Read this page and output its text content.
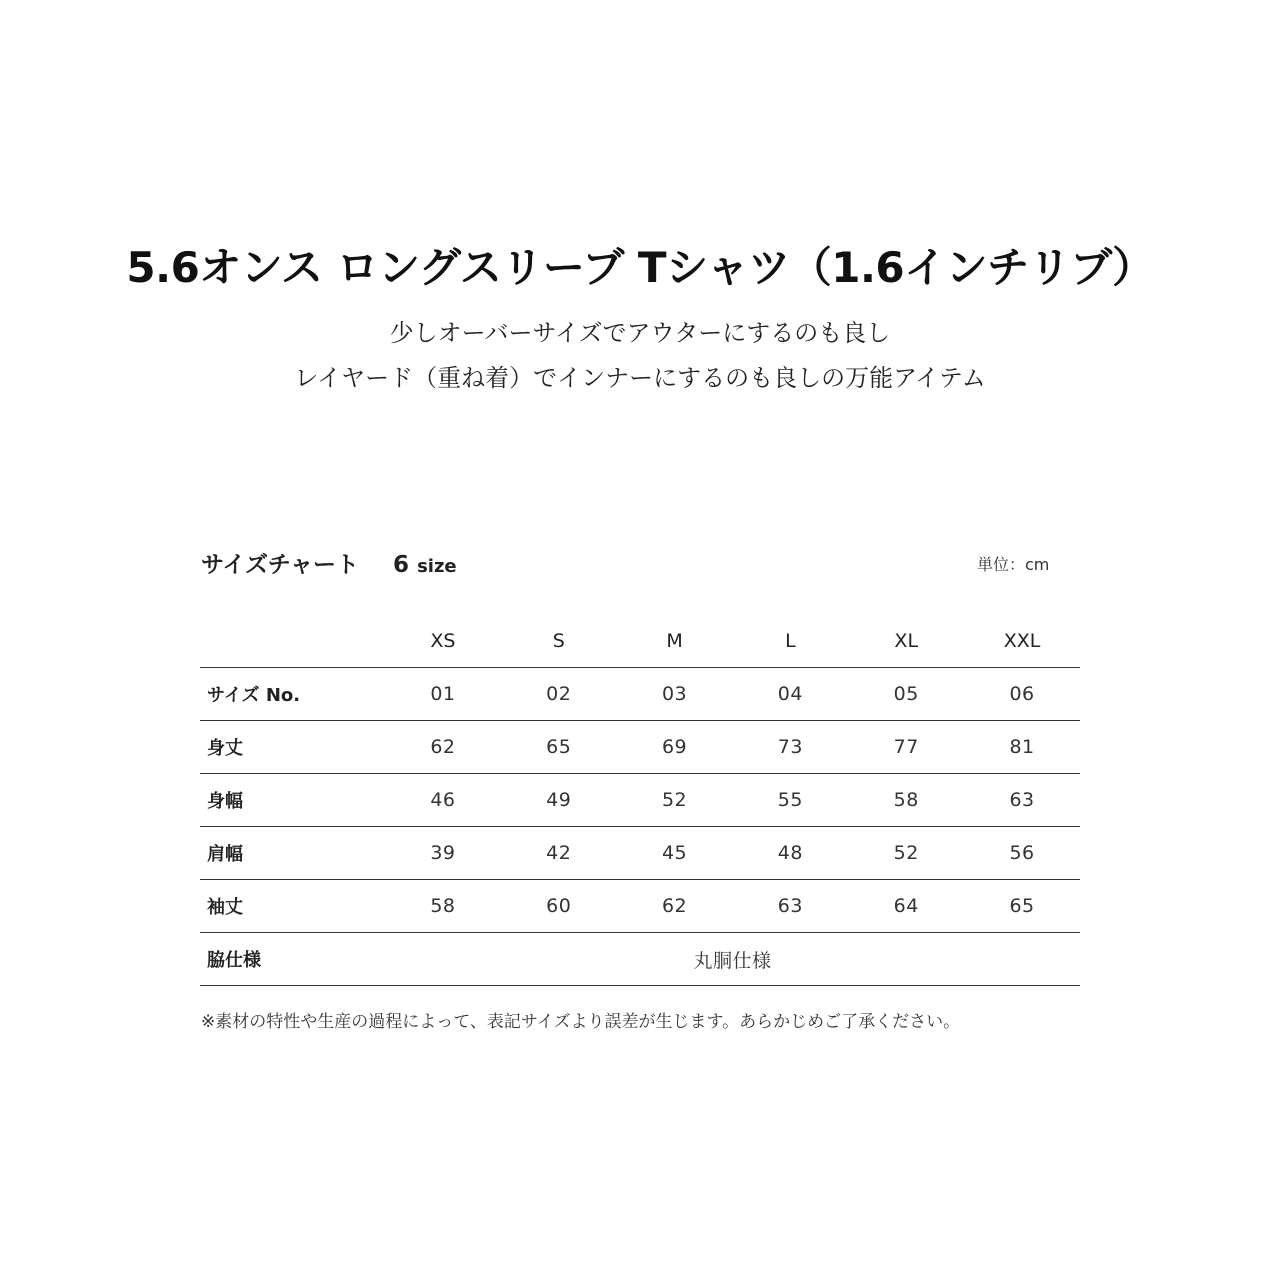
5.6オンス ロングスリーブ Tシャツ（1.6インチリブ）
少しオーバーサイズでアウターにするのも良し
レイヤード（重ね着）でインナーにするのも良しの万能アイテム
サイズチャート 6 size	単位：cm
	XS	S	M	L	XL	XXL
サイズ No.	01	02	03	04	05	06
身丈	62	65	69	73	77	81
身幅	46	49	52	55	58	63
肩幅	39	42	45	48	52	56
袖丈	58	60	62	63	64	65
脇仕様	丸胴仕様					
※素材の特性や生産の過程によって、表記サイズより誤差が生じます。あらかじめご了承ください。
